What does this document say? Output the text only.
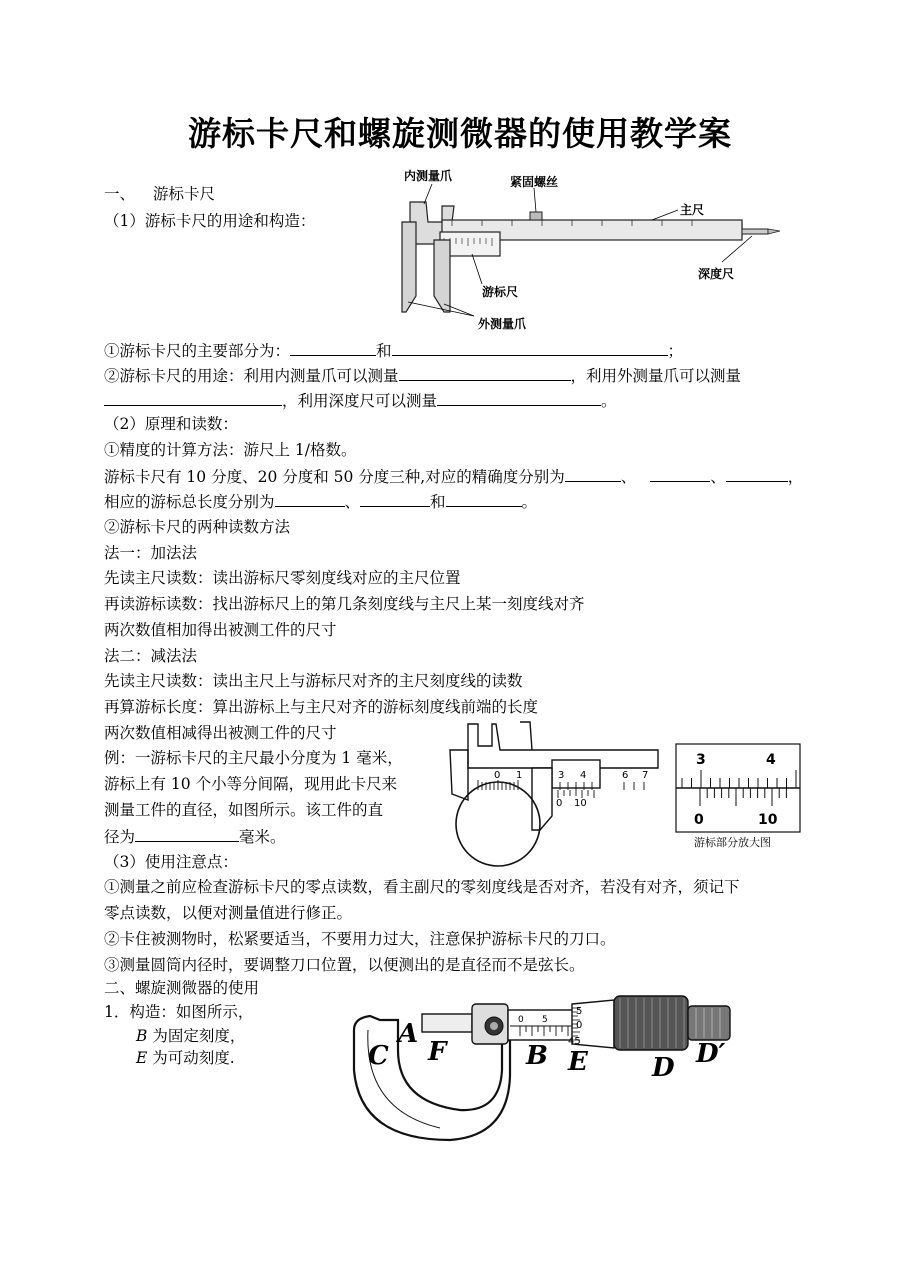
游标卡尺和螺旋测微器的使用教学案
一、 游标卡尺
（1）游标卡尺的用途和构造：
内测量爪	紧固螺丝
主尺
深度尺
游标尺
外测量爪
①游标卡尺的主要部分为：	和	；
②游标卡尺的用途：利用内测量爪可以测量	，利用外测量爪可以测量
，利用深度尺可以测量	。
（2）原理和读数：
①精度的计算方法：游尺上 1/格数。
游标卡尺有 10 分度、20 分度和 50 分度三种,对应的精确度分别为	、	、	，
相应的游标总长度分别为	、	和	。
②游标卡尺的两种读数方法
法一：加法法
先读主尺读数：读出游标尺零刻度线对应的主尺位置
再读游标读数：找出游标尺上的第几条刻度线与主尺上某一刻度线对齐
两次数值相加得出被测工件的尺寸
法二：减法法
先读主尺读数：读出主尺上与游标尺对齐的主尺刻度线的读数
再算游标长度：算出游标上与主尺对齐的游标刻度线前端的长度
两次数值相减得出被测工件的尺寸
例：一游标卡尺的主尺最小分度为 1 毫米，
游标上有 10 个小等分间隔，现用此卡尺来
测量工件的直径，如图所示。该工件的直
径为	毫米。
0 1	3 4	6 7
0 10
3	4
0	10
游标部分放大图
（3）使用注意点：
①测量之前应检查游标卡尺的零点读数，看主副尺的零刻度线是否对齐，若没有对齐，须记下
零点读数，以便对测量值进行修正。
②卡住被测物时，松紧要适当，不要用力过大，注意保护游标卡尺的刀口。
③测量圆筒内径时，要调整刀口位置，以便测出的是直径而不是弦长。
二、螺旋测微器的使用
1．构造：如图所示，
B 为固定刻度，
E 为可动刻度.
0 5
5
0
45
C
A
F	B E D D′
